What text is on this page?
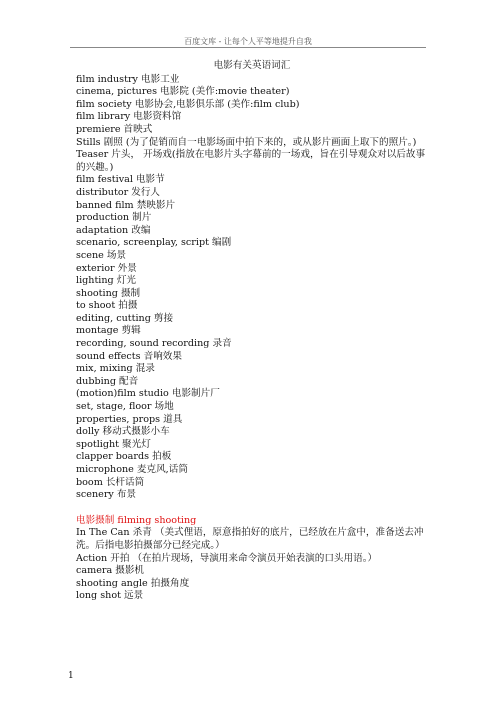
百度文库 - 让每个人平等地提升自我
电影有关英语词汇
film industry 电影工业
cinema, pictures 电影院 (美作:movie theater)
film society 电影协会,电影俱乐部 (美作:film club)
film library 电影资料馆
premiere 首映式
Stills 剧照 (为了促销而自一电影场面中拍下来的，或从影片画面上取下的照片。)
Teaser 片头， 开场戏(指放在电影片头字幕前的一场戏，旨在引导观众对以后故事的兴趣。)
film festival 电影节
distributor 发行人
banned film 禁映影片
production 制片
adaptation 改编
scenario, screenplay, script 编剧
scene 场景
exterior 外景
lighting 灯光
shooting 摄制
to shoot 拍摄
editing, cutting 剪接
montage 剪辑
recording, sound recording 录音
sound effects 音响效果
mix, mixing 混录
dubbing 配音
(motion)film studio 电影制片厂
set, stage, floor 场地
properties, props 道具
dolly 移动式摄影小车
spotlight 聚光灯
clapper boards 拍板
microphone 麦克风,话筒
boom 长杆话筒
scenery 布景
电影摄制 filming shooting
In The Can 杀青 （美式俚语，原意指拍好的底片，已经放在片盒中，准备送去冲洗。后指电影拍摄部分已经完成。）
Action 开拍 （在拍片现场，导演用来命令演员开始表演的口头用语。）
camera 摄影机
shooting angle 拍摄角度
long shot 远景
1
